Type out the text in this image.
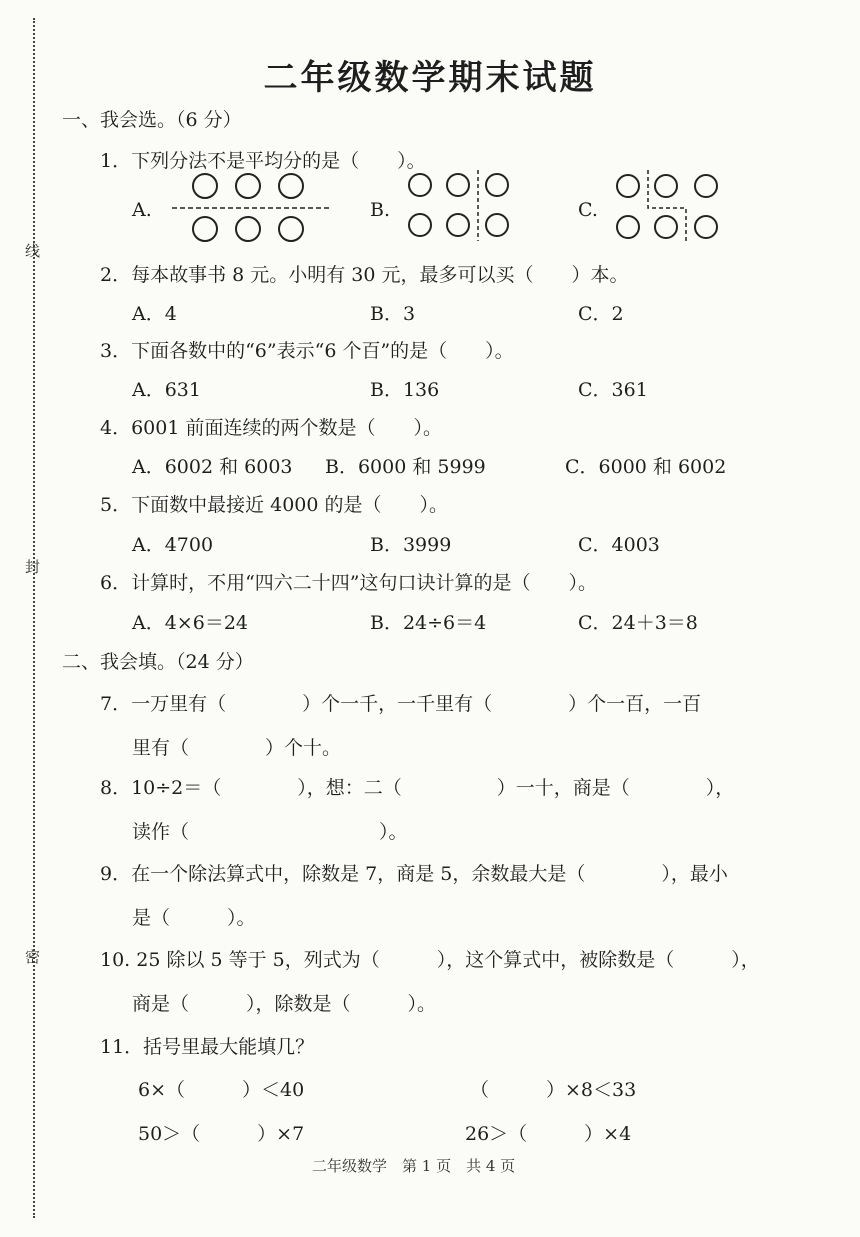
线
封
密
二年级数学期末试题
一、我会选。（6 分）
1．下列分法不是平均分的是（　　）。
A.	B.	C.
2．每本故事书 8 元。小明有 30 元，最多可以买（　　）本。
A．4	B．3	C．2
3．下面各数中的“6”表示“6 个百”的是（　　）。
A．631	B．136	C．361
4．6001 前面连续的两个数是（　　）。
A．6002 和 6003 B．6000 和 5999	C．6000 和 6002
5．下面数中最接近 4000 的是（　　）。
A．4700	B．3999	C．4003
6．计算时，不用“四六二十四”这句口诀计算的是（　　）。
A．4×6＝24	B．24÷6＝4	C．24＋3＝8
二、我会填。（24 分）
7．一万里有（　　　　）个一千，一千里有（　　　　）个一百，一百
里有（　　　　）个十。
8．10÷2＝（　　　　），想：二（　　　　　）一十，商是（　　　　），
读作（　　　　　　　　　　）。
9．在一个除法算式中，除数是 7，商是 5，余数最大是（　　　　），最小
是（　　　）。
10. 25 除以 5 等于 5，列式为（　　　），这个算式中，被除数是（　　　），
商是（　　　），除数是（　　　）。
11．括号里最大能填几？
6×（　　　）＜40	（　　　）×8＜33
50＞（　　　）×7	26＞（　　　）×4
二年级数学　第 1 页　共 4 页
